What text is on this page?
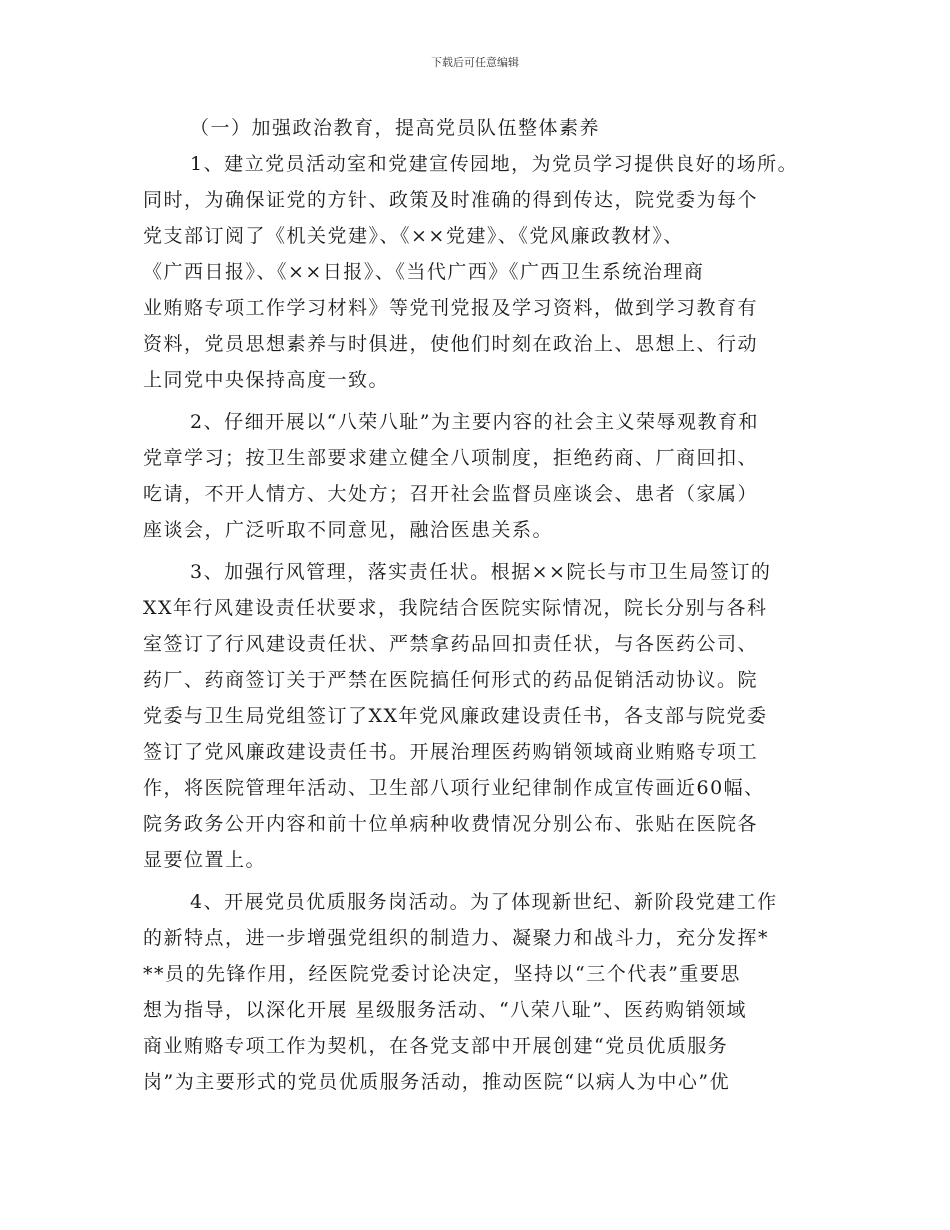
下载后可任意编辑
（一）加强政治教育，提高党员队伍整体素养
1、建立党员活动室和党建宣传园地，为党员学习提供良好的场所。
同时，为确保证党的方针、政策及时准确的得到传达，院党委为每个
党支部订阅了《机关党建》、《××党建》、《党风廉政教材》、
《广西日报》、《××日报》、《当代广西》《广西卫生系统治理商
业贿赂专项工作学习材料》等党刊党报及学习资料，做到学习教育有
资料，党员思想素养与时俱进，使他们时刻在政治上、思想上、行动
上同党中央保持高度一致。
2、仔细开展以“八荣八耻”为主要内容的社会主义荣辱观教育和
党章学习；按卫生部要求建立健全八项制度，拒绝药商、厂商回扣、
吃请，不开人情方、大处方；召开社会监督员座谈会、患者（家属）
座谈会，广泛听取不同意见，融洽医患关系。
3、加强行风管理，落实责任状。根据××院长与市卫生局签订的
XX年行风建设责任状要求，我院结合医院实际情况，院长分别与各科
室签订了行风建设责任状、严禁拿药品回扣责任状，与各医药公司、
药厂、药商签订关于严禁在医院搞任何形式的药品促销活动协议。院
党委与卫生局党组签订了XX年党风廉政建设责任书，各支部与院党委
签订了党风廉政建设责任书。开展治理医药购销领域商业贿赂专项工
作，将医院管理年活动、卫生部八项行业纪律制作成宣传画近60幅、
院务政务公开内容和前十位单病种收费情况分别公布、张贴在医院各
显要位置上。
4、开展党员优质服务岗活动。为了体现新世纪、新阶段党建工作
的新特点，进一步增强党组织的制造力、凝聚力和战斗力，充分发挥*
**员的先锋作用，经医院党委讨论决定，坚持以“三个代表”重要思
想为指导，以深化开展 星级服务活动、“八荣八耻”、医药购销领域
商业贿赂专项工作为契机，在各党支部中开展创建“党员优质服务
岗”为主要形式的党员优质服务活动，推动医院“以病人为中心”优
